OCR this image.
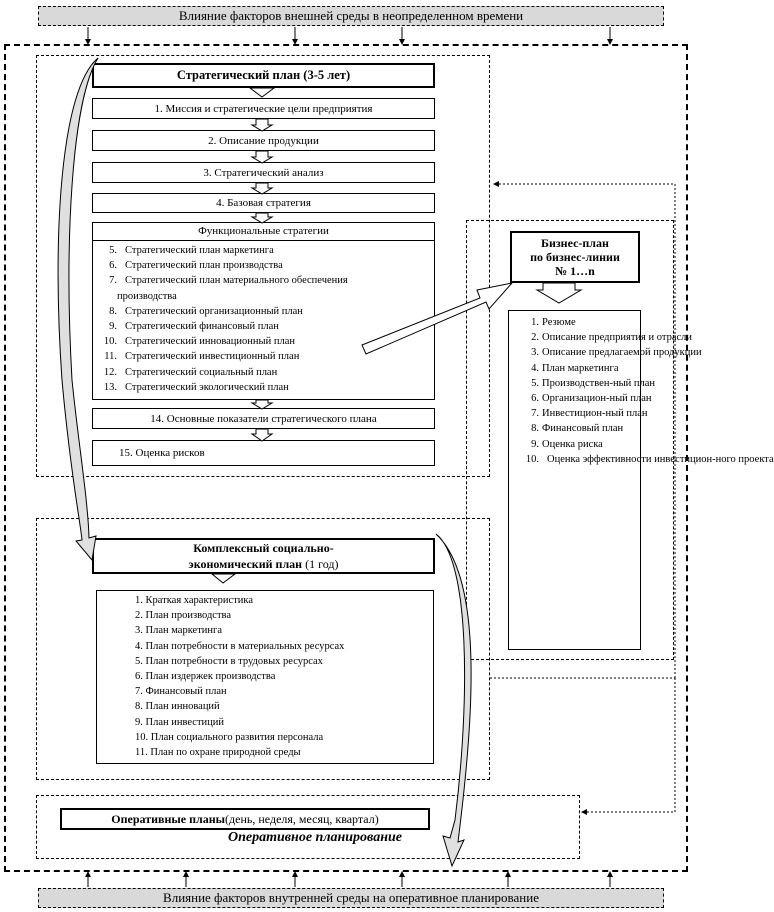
Влияние факторов внешней среды в неопределенном времени
Влияние факторов внутренней среды на оперативное планирование
Стратегический план (3-5 лет)
1. Миссия и стратегические цели предприятия
2. Описание продукции
3. Стратегический анализ
4. Базовая стратегия
Функциональные стратегии
5. Стратегический план маркетинга
6. Стратегический план производства
7. Стратегический план материального обеспечения
производства
8. Стратегический организационный план
9. Стратегический финансовый план
10. Стратегический инновационный план
11. Стратегический инвестиционный план
12. Стратегический социальный план
13. Стратегический экологический план
14. Основные показатели стратегического плана
15. Оценка рисков
Бизнес-план
по бизнес-линии
№ 1…n
1. Резюме
2. Описание предприятия и отрасли
3. Описание предлагаемой продукции
4. План маркетинга
5. Производствен-ный план
6. Организацион-ный план
7. Инвестицион-ный план
8. Финансовый план
9. Оценка риска
10. Оценка эффективности инвестицион-ного проекта
Комплексный социально-
экономический план (1 год)
1. Краткая характеристика
2. План производства
3. План маркетинга
4. План потребности в материальных ресурсах
5. План потребности в трудовых ресурсах
6. План издержек производства
7. Финансовый план
8. План инноваций
9. План инвестиций
10. План социального развития персонала
11. План по охране природной среды
Оперативные планы (день, неделя, месяц, квартал)
Оперативное планирование
